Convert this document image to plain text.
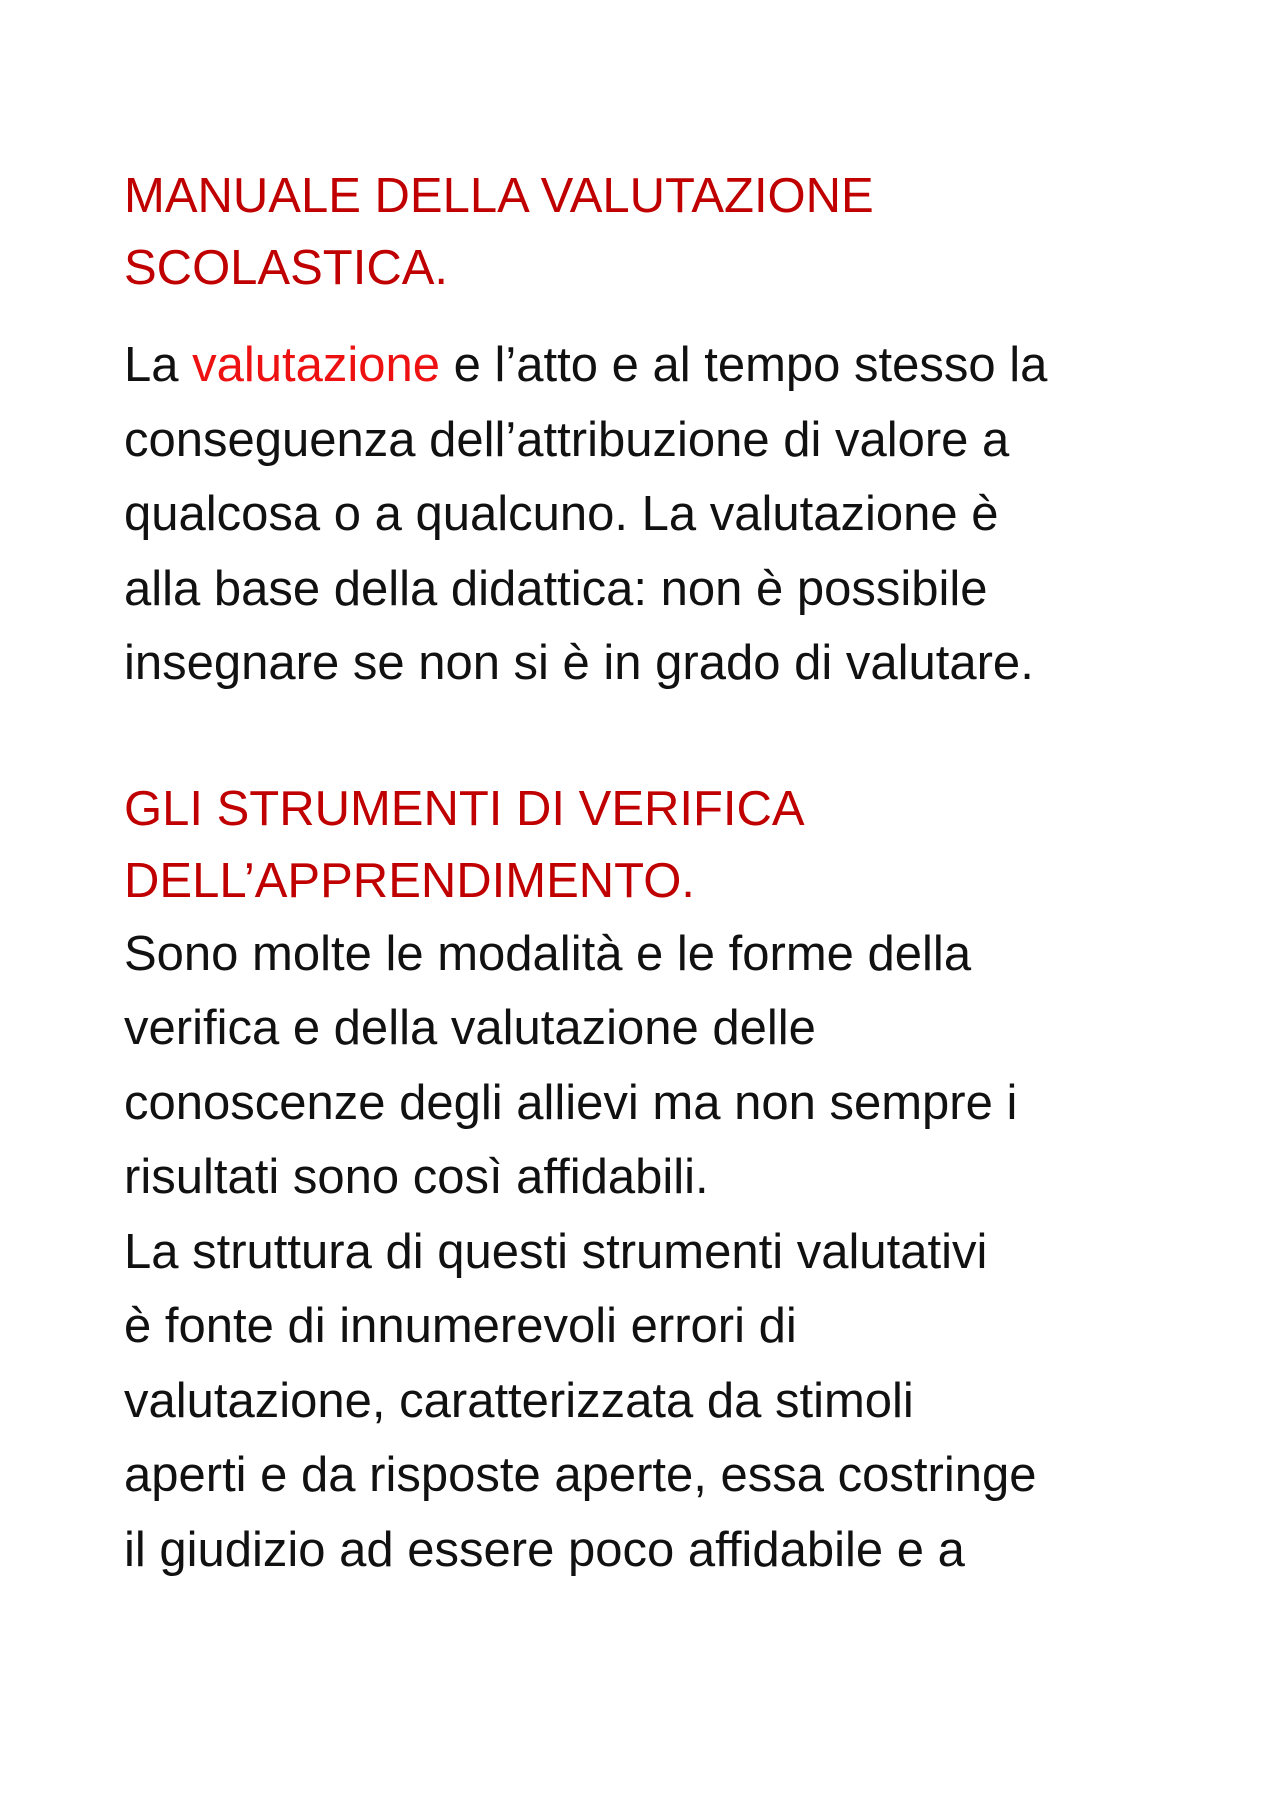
MANUALE DELLA VALUTAZIONE
SCOLASTICA.

La valutazione e l’atto e al tempo stesso la
conseguenza dell’attribuzione di valore a
qualcosa o a qualcuno. La valutazione è
alla base della didattica: non è possibile
insegnare se non si è in grado di valutare.

GLI STRUMENTI DI VERIFICA
DELL’APPRENDIMENTO.

Sono molte le modalità e le forme della
verifica e della valutazione delle
conoscenze degli allievi ma non sempre i
risultati sono così affidabili.
La struttura di questi strumenti valutativi
è fonte di innumerevoli errori di
valutazione, caratterizzata da stimoli
aperti e da risposte aperte, essa costringe
il giudizio ad essere poco affidabile e a
